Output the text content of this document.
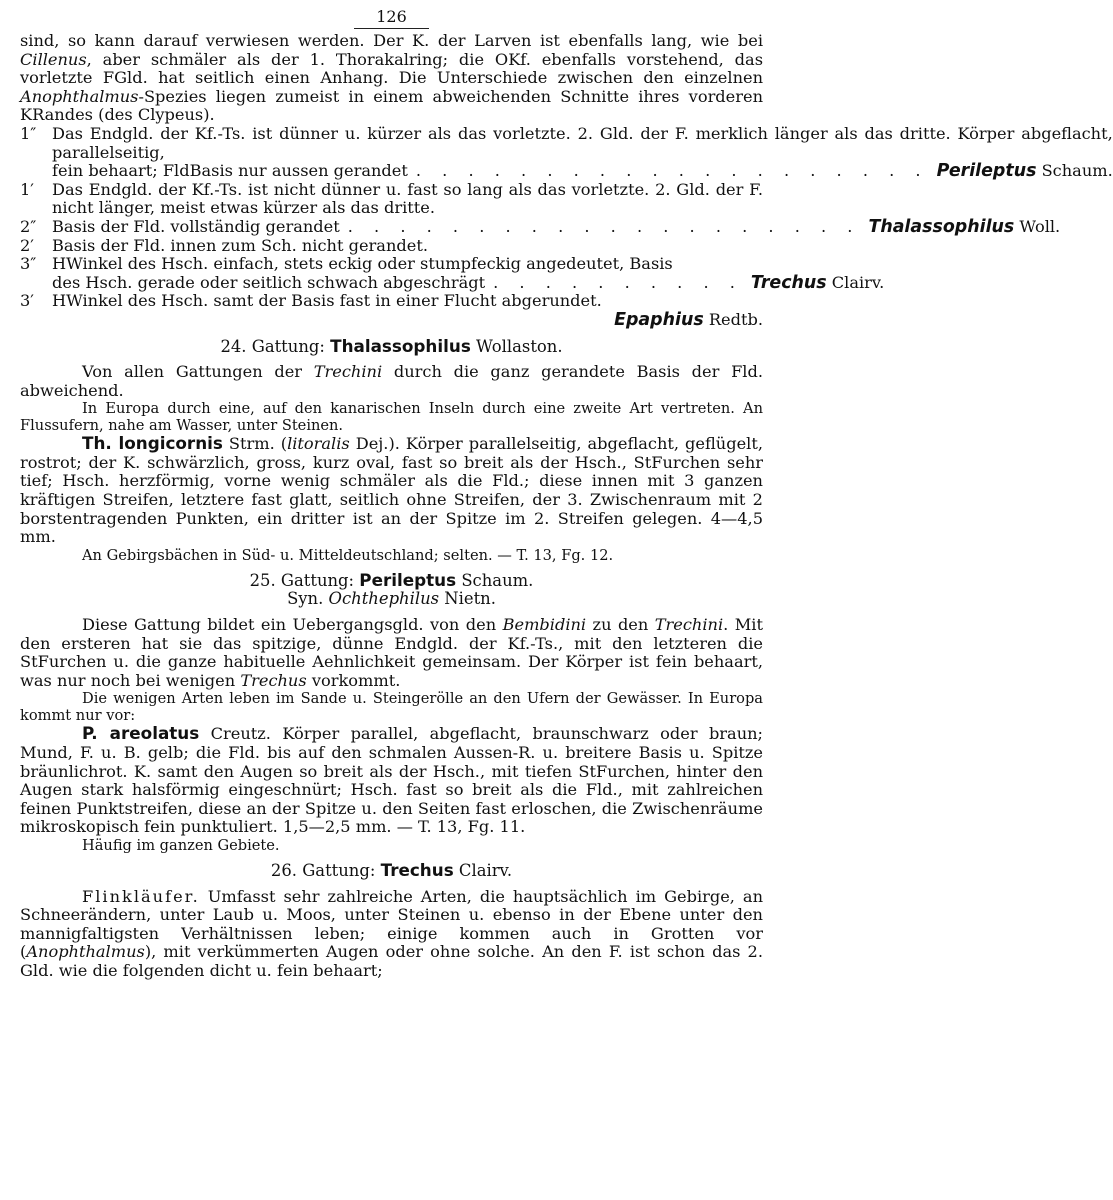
126

sind, so kann darauf verwiesen werden. Der K. der Larven ist ebenfalls lang, wie bei Cillenus, aber schmäler als der 1. Thorakalring; die OKf. ebenfalls vorstehend, das vorletzte FGld. hat seitlich einen Anhang. Die Unterschiede zwischen den einzelnen Anophthalmus-Spezies liegen zumeist in einem abweichenden Schnitte ihres vorderen KRandes (des Clypeus).

1″ Das Endgld. der Kf.-Ts. ist dünner u. kürzer als das vorletzte. 2. Gld. der F. merklich länger als das dritte. Körper abgeflacht, parallelseitig,
fein behaart; FldBasis nur aussen gerandet . . . . . . . . . . . . . . . . . . . . Perileptus Schaum.
1′	Das Endgld. der Kf.-Ts. ist nicht dünner u. fast so lang als das vorletzte. 2. Gld. der F. nicht länger, meist etwas kürzer als das dritte.
2″ Basis der Fld. vollständig gerandet . . . . . . . . . . . . . . . . . . . . Thalassophilus Woll.
2′	Basis der Fld. innen zum Sch. nicht gerandet.
3″ HWinkel des Hsch. einfach, stets eckig oder stumpfeckig angedeutet, Basis
des Hsch. gerade oder seitlich schwach abgeschrägt . . . . . . . . . . Trechus Clairv.
3′	HWinkel des Hsch. samt der Basis fast in einer Flucht abgerundet.
Epaphius Redtb.

24. Gattung: Thalassophilus Wollaston.

Von allen Gattungen der Trechini durch die ganz gerandete Basis der Fld. abweichend.

In Europa durch eine, auf den kanarischen Inseln durch eine zweite Art vertreten. An Flussufern, nahe am Wasser, unter Steinen.

Th. longicornis Strm. (litoralis Dej.). Körper parallelseitig, abgeflacht, geflügelt, rostrot; der K. schwärzlich, gross, kurz oval, fast so breit als der Hsch., StFurchen sehr tief; Hsch. herzförmig, vorne wenig schmäler als die Fld.; diese innen mit 3 ganzen kräftigen Streifen, letztere fast glatt, seitlich ohne Streifen, der 3. Zwischenraum mit 2 borstentragenden Punkten, ein dritter ist an der Spitze im 2. Streifen gelegen. 4—4,5 mm.

An Gebirgsbächen in Süd- u. Mitteldeutschland; selten. — T. 13, Fg. 12.

25. Gattung: Perileptus Schaum.

Syn. Ochthephilus Nietn.

Diese Gattung bildet ein Uebergangsgld. von den Bembidini zu den Trechini. Mit den ersteren hat sie das spitzige, dünne Endgld. der Kf.-Ts., mit den letzteren die StFurchen u. die ganze habituelle Aehnlichkeit gemeinsam. Der Körper ist fein behaart, was nur noch bei wenigen Trechus vorkommt.

Die wenigen Arten leben im Sande u. Steingerölle an den Ufern der Gewässer. In Europa kommt nur vor:

P. areolatus Creutz. Körper parallel, abgeflacht, braunschwarz oder braun; Mund, F. u. B. gelb; die Fld. bis auf den schmalen Aussen-R. u. breitere Basis u. Spitze bräunlichrot. K. samt den Augen so breit als der Hsch., mit tiefen StFurchen, hinter den Augen stark halsförmig eingeschnürt; Hsch. fast so breit als die Fld., mit zahlreichen feinen Punktstreifen, diese an der Spitze u. den Seiten fast erloschen, die Zwischenräume mikroskopisch fein punktuliert. 1,5—2,5 mm. — T. 13, Fg. 11.

Häufig im ganzen Gebiete.

26. Gattung: Trechus Clairv.

Flinkläufer. Umfasst sehr zahlreiche Arten, die hauptsächlich im Gebirge, an Schneerändern, unter Laub u. Moos, unter Steinen u. ebenso in der Ebene unter den mannigfaltigsten Verhältnissen leben; einige kommen auch in Grotten vor (Anophthalmus), mit verkümmerten Augen oder ohne solche. An den F. ist schon das 2. Gld. wie die folgenden dicht u. fein behaart;
